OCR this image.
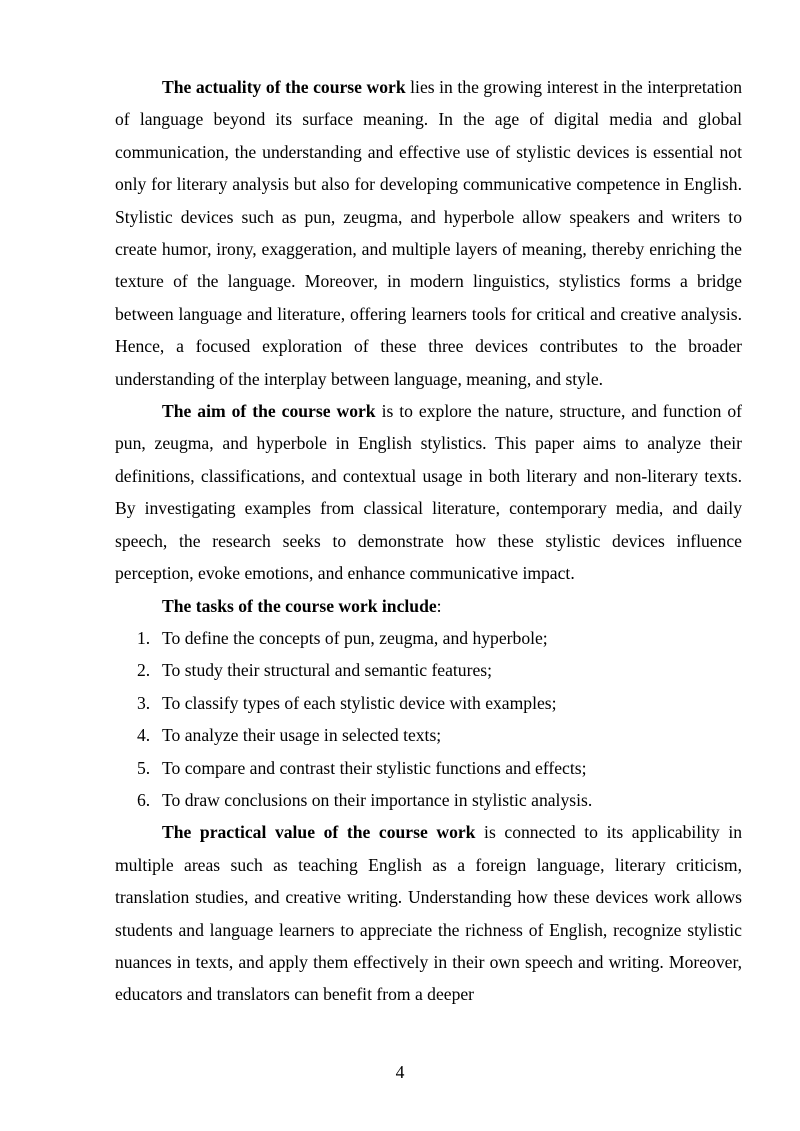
The actuality of the course work lies in the growing interest in the interpretation of language beyond its surface meaning. In the age of digital media and global communication, the understanding and effective use of stylistic devices is essential not only for literary analysis but also for developing communicative competence in English. Stylistic devices such as pun, zeugma, and hyperbole allow speakers and writers to create humor, irony, exaggeration, and multiple layers of meaning, thereby enriching the texture of the language. Moreover, in modern linguistics, stylistics forms a bridge between language and literature, offering learners tools for critical and creative analysis. Hence, a focused exploration of these three devices contributes to the broader understanding of the interplay between language, meaning, and style.

The aim of the course work is to explore the nature, structure, and function of pun, zeugma, and hyperbole in English stylistics. This paper aims to analyze their definitions, classifications, and contextual usage in both literary and non-literary texts. By investigating examples from classical literature, contemporary media, and daily speech, the research seeks to demonstrate how these stylistic devices influence perception, evoke emotions, and enhance communicative impact.

The tasks of the course work include:
1. To define the concepts of pun, zeugma, and hyperbole;
2. To study their structural and semantic features;
3. To classify types of each stylistic device with examples;
4. To analyze their usage in selected texts;
5. To compare and contrast their stylistic functions and effects;
6. To draw conclusions on their importance in stylistic analysis.

The practical value of the course work is connected to its applicability in multiple areas such as teaching English as a foreign language, literary criticism, translation studies, and creative writing. Understanding how these devices work allows students and language learners to appreciate the richness of English, recognize stylistic nuances in texts, and apply them effectively in their own speech and writing. Moreover, educators and translators can benefit from a deeper

4
